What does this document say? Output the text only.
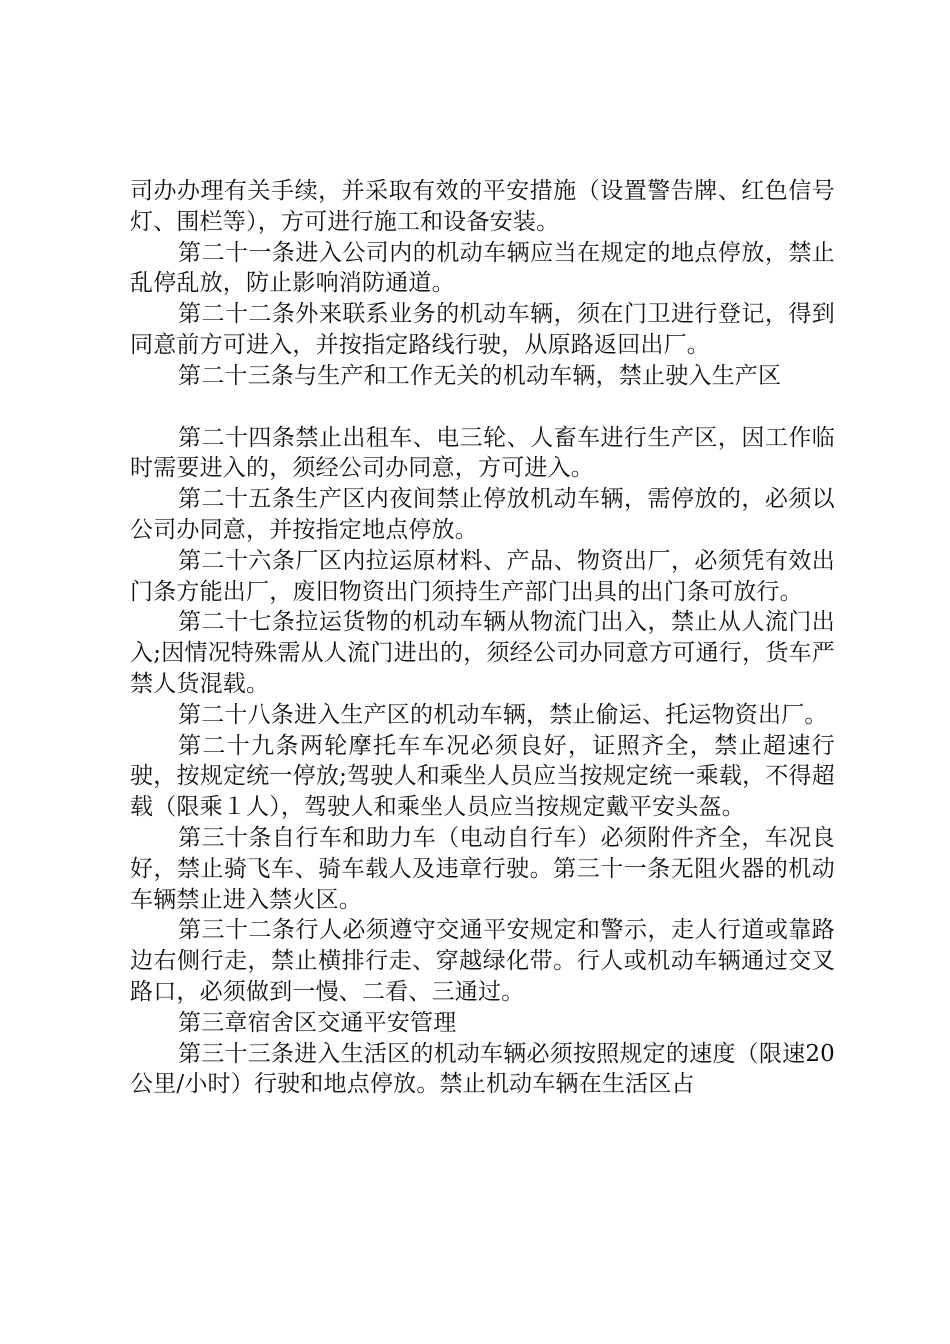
司办办理有关手续，并采取有效的平安措施（设置警告牌、红色信号灯、围栏等），方可进行施工和设备安装。

第二十一条进入公司内的机动车辆应当在规定的地点停放，禁止乱停乱放，防止影响消防通道。

第二十二条外来联系业务的机动车辆，须在门卫进行登记，得到同意前方可进入，并按指定路线行驶，从原路返回出厂。

第二十三条与生产和工作无关的机动车辆，禁止驶入生产区

第二十四条禁止出租车、电三轮、人畜车进行生产区，因工作临时需要进入的，须经公司办同意，方可进入。

第二十五条生产区内夜间禁止停放机动车辆，需停放的，必须以公司办同意，并按指定地点停放。

第二十六条厂区内拉运原材料、产品、物资出厂，必须凭有效出门条方能出厂，废旧物资出门须持生产部门出具的出门条可放行。

第二十七条拉运货物的机动车辆从物流门出入，禁止从人流门出入;因情况特殊需从人流门进出的，须经公司办同意方可通行，货车严禁人货混载。

第二十八条进入生产区的机动车辆，禁止偷运、托运物资出厂。

第二十九条两轮摩托车车况必须良好，证照齐全，禁止超速行驶，按规定统一停放;驾驶人和乘坐人员应当按规定统一乘载，不得超载（限乘１人），驾驶人和乘坐人员应当按规定戴平安头盔。

第三十条自行车和助力车（电动自行车）必须附件齐全，车况良好，禁止骑飞车、骑车载人及违章行驶。第三十一条无阻火器的机动车辆禁止进入禁火区。

第三十二条行人必须遵守交通平安规定和警示，走人行道或靠路边右侧行走，禁止横排行走、穿越绿化带。行人或机动车辆通过交叉路口，必须做到一慢、二看、三通过。

第三章宿舍区交通平安管理

第三十三条进入生活区的机动车辆必须按照规定的速度（限速20公里/小时）行驶和地点停放。禁止机动车辆在生活区占
